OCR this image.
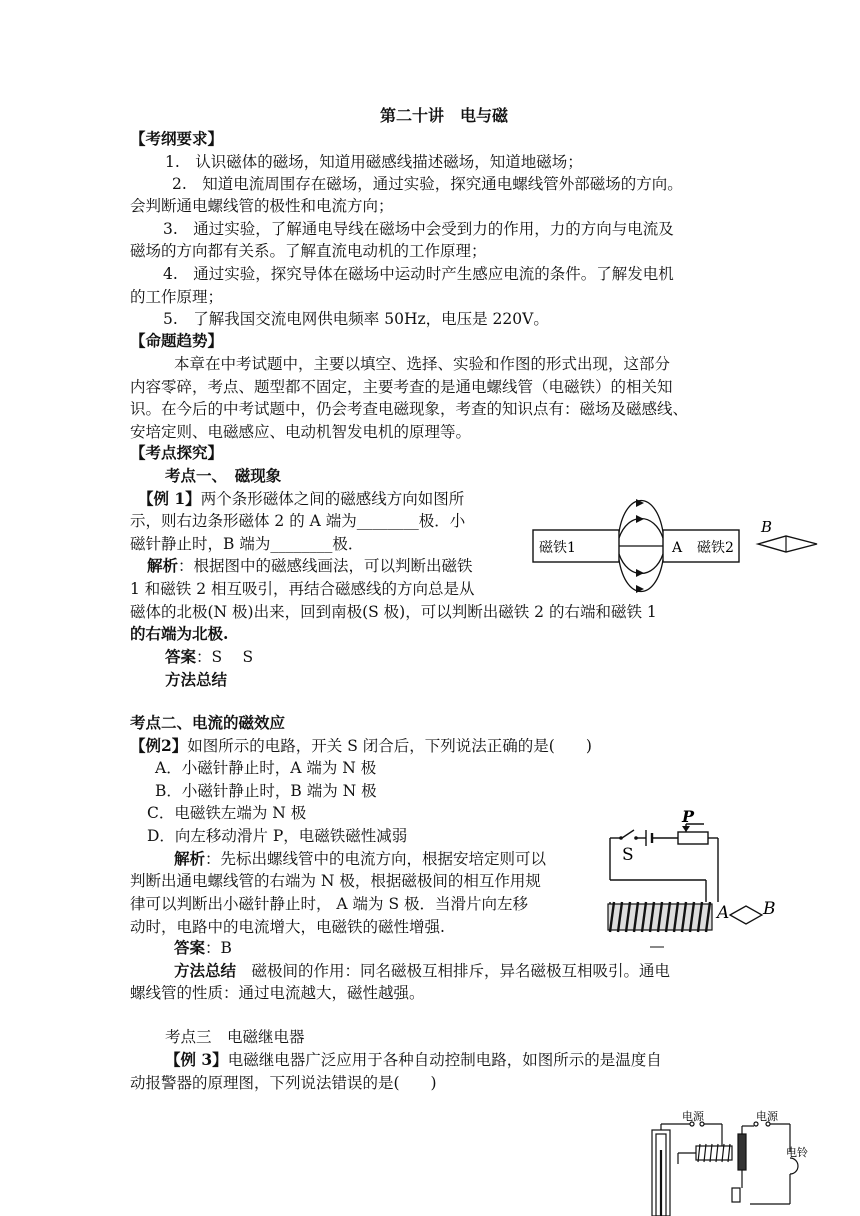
第二十讲　电与磁
【考纲要求】
1.　认识磁体的磁场，知道用磁感线描述磁场，知道地磁场；
2.　知道电流周围存在磁场，通过实验，探究通电螺线管外部磁场的方向。
会判断通电螺线管的极性和电流方向；
3.　通过实验，了解通电导线在磁场中会受到力的作用，力的方向与电流及
磁场的方向都有关系。了解直流电动机的工作原理；
4.　通过实验，探究导体在磁场中运动时产生感应电流的条件。了解发电机
的工作原理；
5.　了解我国交流电网供电频率 50Hz，电压是 220V。
【命题趋势】
本章在中考试题中，主要以填空、选择、实验和作图的形式出现，这部分
内容零碎，考点、题型都不固定，主要考查的是通电螺线管（电磁铁）的相关知
识。在今后的中考试题中，仍会考查电磁现象，考查的知识点有：磁场及磁感线、
安培定则、电磁感应、电动机智发电机的原理等。
【考点探究】
考点一、　磁现象
【例 1】两个条形磁体之间的磁感线方向如图所
示，则右边条形磁体 2 的 A 端为________极．小
磁针静止时，B 端为________极．
解析：根据图中的磁感线画法，可以判断出磁铁
1 和磁铁 2 相互吸引，再结合磁感线的方向总是从
磁体的北极(N 极)出来，回到南极(S 极)，可以判断出磁铁 2 的右端和磁铁 1
的右端为北极.
答案：S　 S
方法总结
磁铁1	A 磁铁2
B
考点二、电流的磁效应
【例2】如图所示的电路，开关 S 闭合后，下列说法正确的是(　　)
A．小磁针静止时，A 端为 N 极
B．小磁针静止时，B 端为 N 极
C．电磁铁左端为 N 极
D．向左移动滑片 P，电磁铁磁性减弱
解析：先标出螺线管中的电流方向，根据安培定则可以
判断出通电螺线管的右端为 N 极，根据磁极间的相互作用规
律可以判断出小磁针静止时， A 端为 S 极．当滑片向左移
动时，电路中的电流增大，电磁铁的磁性增强.
答案：B
方法总结　磁极间的作用：同名磁极互相排斥，异名磁极互相吸引。通电
螺线管的性质：通过电流越大，磁性越强。
P
S
A B
考点三　电磁继电器
【例 3】电磁继电器广泛应用于各种自动控制电路，如图所示的是温度自
动报警器的原理图，下列说法错误的是(　　)
电源	电源
电铃
